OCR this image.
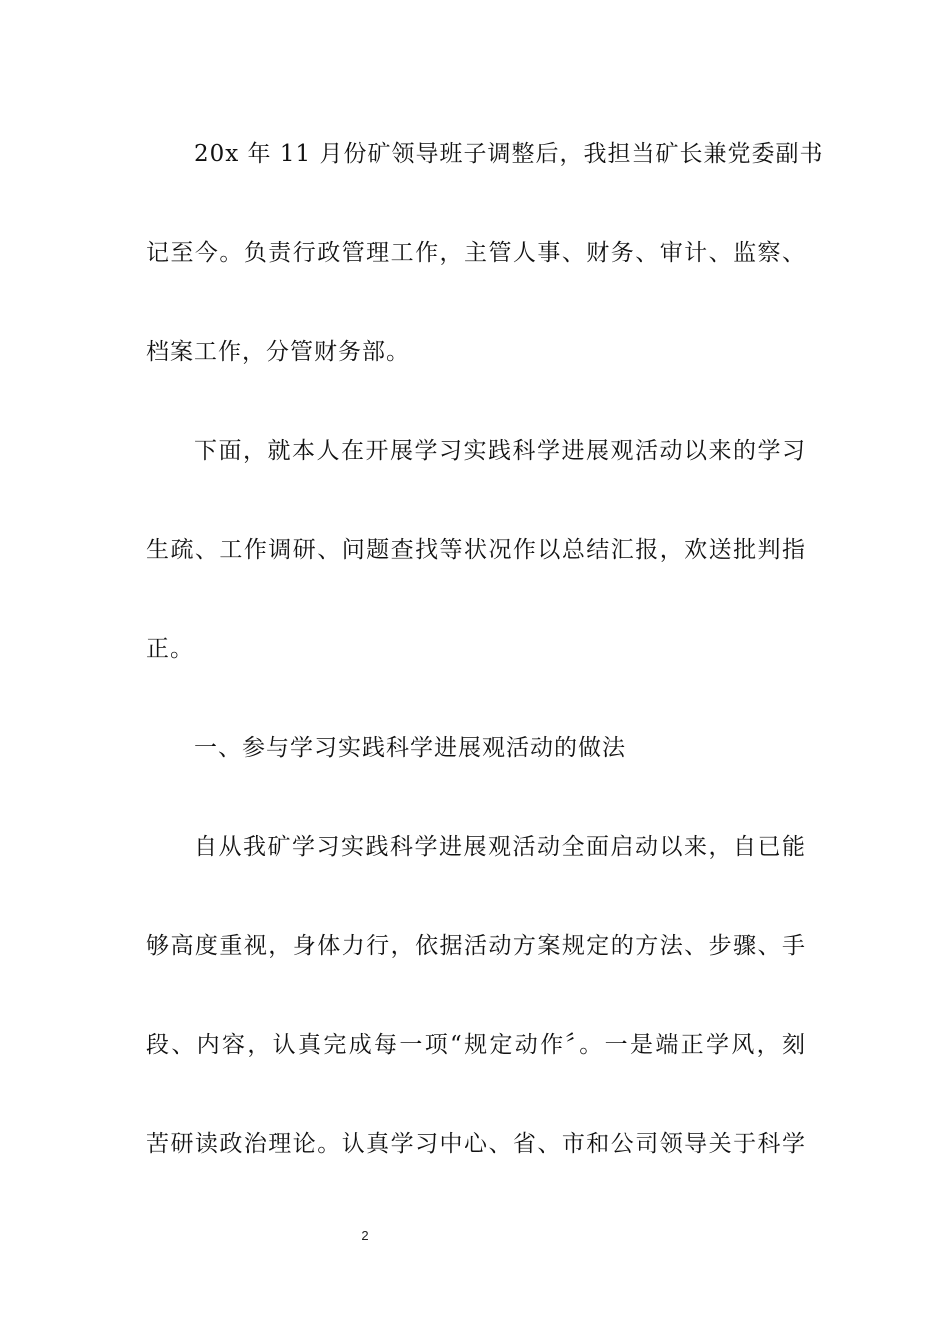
20x 年 11 月份矿领导班子调整后，我担当矿长兼党委副书
记至今。负责行政管理工作，主管人事、财务、审计、监察、
档案工作，分管财务部。
下面，就本人在开展学习实践科学进展观活动以来的学习
生疏、工作调研、问题查找等状况作以总结汇报，欢送批判指
正。
一、参与学习实践科学进展观活动的做法
自从我矿学习实践科学进展观活动全面启动以来，自已能
够高度重视，身体力行，依据活动方案规定的方法、步骤、手
段、内容，认真完成每一项“规定动作〞。一是端正学风，刻
苦研读政治理论。认真学习中心、省、市和公司领导关于科学
2
